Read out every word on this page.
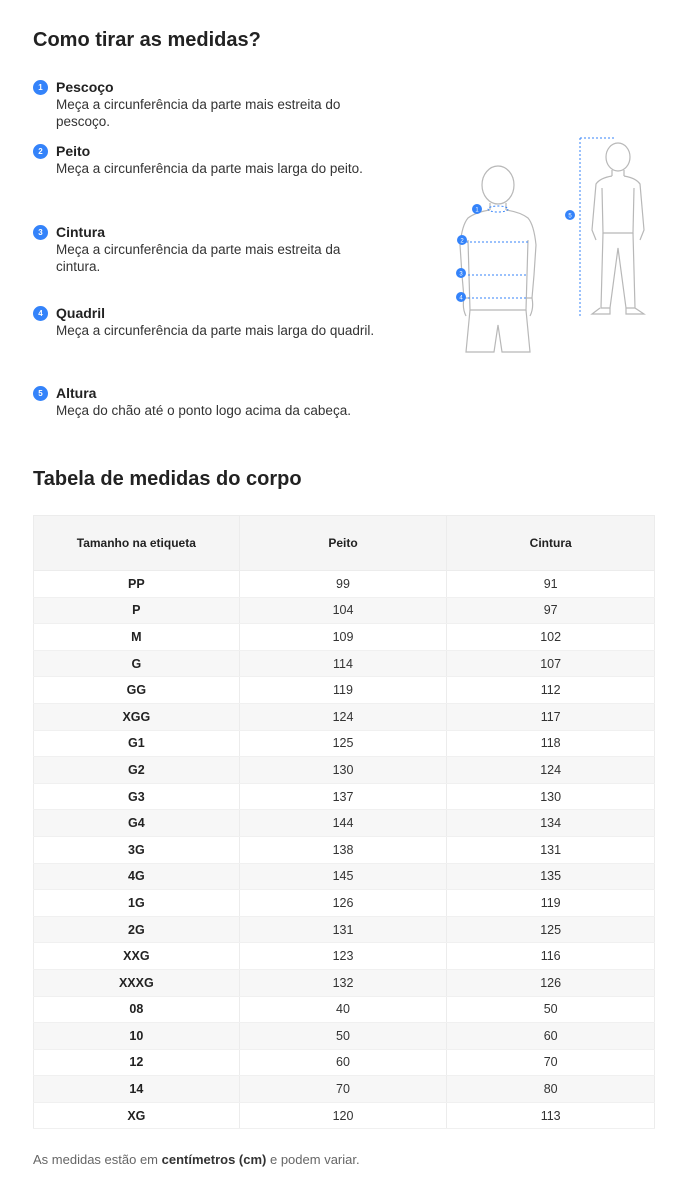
Como tirar as medidas?
1 Pescoço
Meça a circunferência da parte mais estreita do pescoço.
2 Peito
Meça a circunferência da parte mais larga do peito.
3 Cintura
Meça a circunferência da parte mais estreita da cintura.
4 Quadril
Meça a circunferência da parte mais larga do quadril.
5 Altura
Meça do chão até o ponto logo acima da cabeça.
1
2
3
4
5
Tabela de medidas do corpo
Tamanho na etiqueta	Peito	Cintura
PP	99	91
P	104	97
M	109	102
G	114	107
GG	119	112
XGG	124	117
G1	125	118
G2	130	124
G3	137	130
G4	144	134
3G	138	131
4G	145	135
1G	126	119
2G	131	125
XXG	123	116
XXXG	132	126
08	40	50
10	50	60
12	60	70
14	70	80
XG	120	113
As medidas estão em centímetros (cm) e podem variar.
